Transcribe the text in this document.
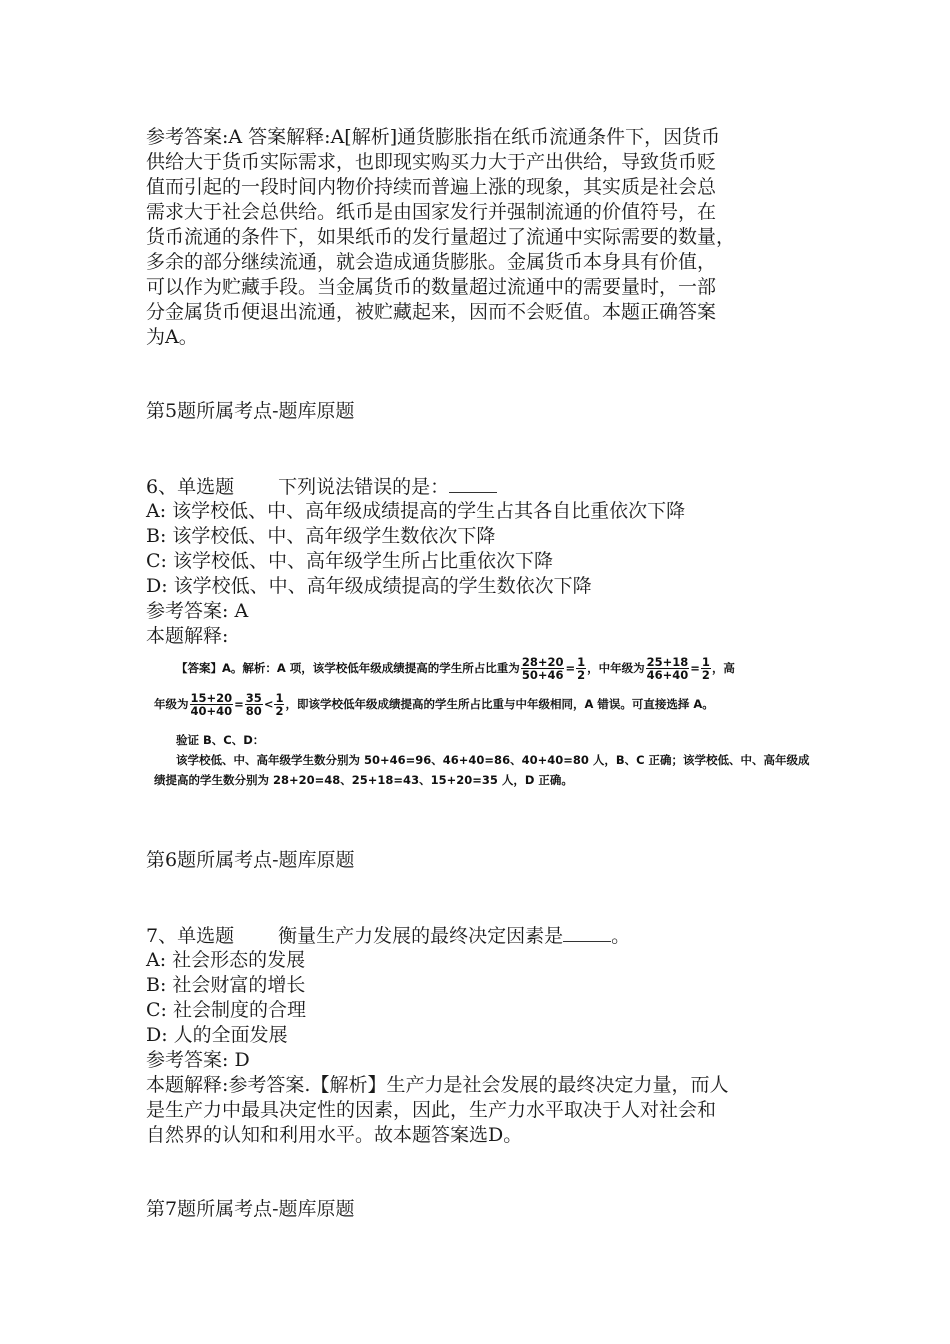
参考答案:A 答案解释:A[解析]通货膨胀指在纸币流通条件下，因货币
供给大于货币实际需求，也即现实购买力大于产出供给，导致货币贬
值而引起的一段时间内物价持续而普遍上涨的现象，其实质是社会总
需求大于社会总供给。纸币是由国家发行并强制流通的价值符号，在
货币流通的条件下，如果纸币的发行量超过了流通中实际需要的数量，
多余的部分继续流通，就会造成通货膨胀。金属货币本身具有价值，
可以作为贮藏手段。当金属货币的数量超过流通中的需要量时，一部
分金属货币便退出流通，被贮藏起来，因而不会贬值。本题正确答案
为A。
第5题所属考点-题库原题
6、单选题 下列说法错误的是：
A: 该学校低、中、高年级成绩提高的学生占其各自比重依次下降
B: 该学校低、中、高年级学生数依次下降
C: 该学校低、中、高年级学生所占比重依次下降
D: 该学校低、中、高年级成绩提高的学生数依次下降
参考答案: A
本题解释:
【答案】A。解析：A 项，该学校低年级成绩提高的学生所占比重为 $\frac{28+20}{50+46} = \frac{1}{2}$ ，中年级为 $\frac{25+18}{46+40} = \frac{1}{2}$ ，高
年级为 $\frac{15+20}{40+40} = \frac{35}{80} < \frac{1}{2}$ ，即该学校低年级成绩提高的学生所占比重与中年级相同，A 错误。可直接选择 A。
验证 B、C、D：
该学校低、中、高年级学生数分别为 50+46=96、46+40=86、40+40=80 人，B、C 正确；该学校低、中、高年级成
绩提高的学生数分别为 28+20=48、25+18=43、15+20=35 人，D 正确。
第6题所属考点-题库原题
7、单选题 衡量生产力发展的最终决定因素是	。
A: 社会形态的发展
B: 社会财富的增长
C: 社会制度的合理
D: 人的全面发展
参考答案: D
本题解释:参考答案.【解析】生产力是社会发展的最终决定力量，而人
是生产力中最具决定性的因素，因此，生产力水平取决于人对社会和
自然界的认知和利用水平。故本题答案选D。
第7题所属考点-题库原题
